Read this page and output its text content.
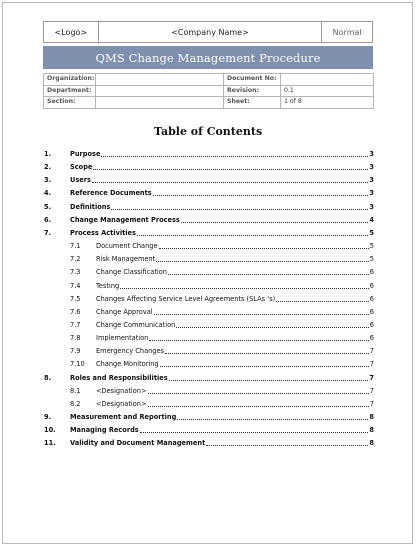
<Logo>	<Company Name>	Normal
QMS Change Management Procedure
Organization:		Document No:	
Department:		Revision:	0.1
Section:		Sheet:	1 of 8
Table of Contents
1.	Purpose	3
2.	Scope	3
3.	Users	3
4.	Reference Documents	3
5.	Definitions	3
6.	Change Management Process	4
7.	Process Activities	5
7.1 Document Change	5
7.2 Risk Management	5
7.3 Change Classification	6
7.4 Testing	6
7.5 Changes Affecting Service Level Agreements (SLAs ‘s)	6
7.6 Change Approval	6
7.7 Change Communication	6
7.8 Implementation	6
7.9 Emergency Changes	7
7.10 Change Monitoring	7
8.	Roles and Responsibilities	7
8.1 <Designation>	7
8.2 <Designation>	7
9.	Measurement and Reporting	8
10. Managing Records	8
11. Validity and Document Management	8
